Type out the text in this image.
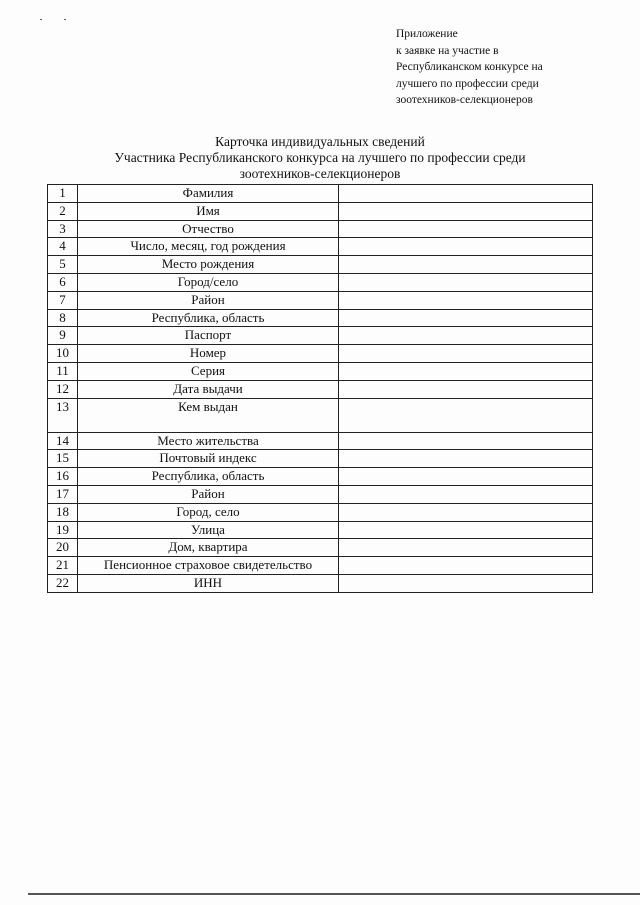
Приложение
к заявке на участие в
Республиканском конкурсе на
лучшего по профессии среди
зоотехников-селекционеров
Карточка индивидуальных сведений
Участника Республиканского конкурса на лучшего по профессии среди
зоотехников-селекционеров
1	Фамилия	
2	Имя	
3	Отчество	
4	Число, месяц, год рождения	
5	Место рождения	
6	Город/село	
7	Район	
8	Республика, область	
9	Паспорт	
10	Номер	
11	Серия	
12	Дата выдачи	
13	Кем выдан	
14	Место жительства	
15	Почтовый индекс	
16	Республика, область	
17	Район	
18	Город, село	
19	Улица	
20	Дом, квартира	
21	Пенсионное страховое свидетельство	
22	ИНН	
